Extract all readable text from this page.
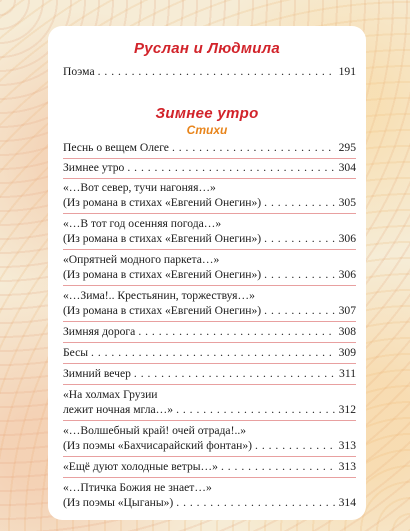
Руслан и Людмила
Поэма . . .	191
Зимнее утро
Стихи
Песнь о вещем Олеге . . .	295
Зимнее утро . . .	304
«…Вот север, тучи нагоняя…»
(Из романа в стихах «Евгений Онегин») . . .	305
«…В тот год осенняя погода…»
(Из романа в стихах «Евгений Онегин») . . .	306
«Опрятней модного паркета…»
(Из романа в стихах «Евгений Онегин») . . .	306
«…Зима!.. Крестьянин, торжествуя…»
(Из романа в стихах «Евгений Онегин») . . .	307
Зимняя дорога . . .	308
Бесы . . .	309
Зимний вечер . . .	311
«На холмах Грузии
лежит ночная мгла…» . . .	312
«…Волшебный край! очей отрада!..»
(Из поэмы «Бахчисарайский фонтан») . . .	313
«Ещё дуют холодные ветры…» . . .	313
«…Птичка Божия не знает…»
(Из поэмы «Цыганы») . . .	314
